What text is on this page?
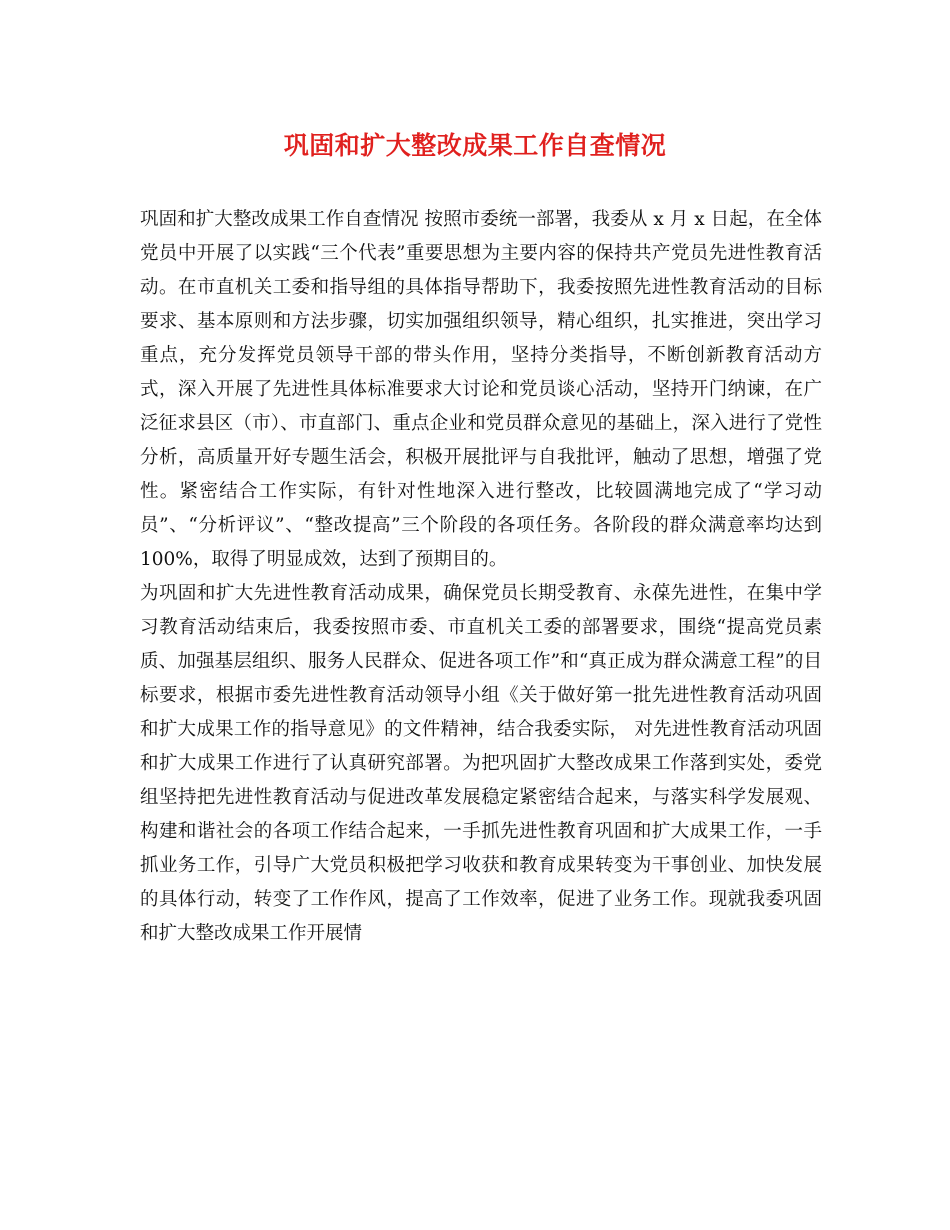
巩固和扩大整改成果工作自查情况

巩固和扩大整改成果工作自查情况 按照市委统一部署，我委从 x 月 x 日起，在全体党员中开展了以实践“三个代表”重要思想为主要内容的保持共产党员先进性教育活动。在市直机关工委和指导组的具体指导帮助下，我委按照先进性教育活动的目标要求、基本原则和方法步骤，切实加强组织领导，精心组织，扎实推进，突出学习重点，充分发挥党员领导干部的带头作用，坚持分类指导，不断创新教育活动方式，深入开展了先进性具体标准要求大讨论和党员谈心活动，坚持开门纳谏，在广泛征求县区（市）、市直部门、重点企业和党员群众意见的基础上，深入进行了党性分析，高质量开好专题生活会，积极开展批评与自我批评，触动了思想，增强了党性。紧密结合工作实际，有针对性地深入进行整改，比较圆满地完成了“学习动员”、“分析评议”、“整改提高”三个阶段的各项任务。各阶段的群众满意率均达到 100%，取得了明显成效，达到了预期目的。

为巩固和扩大先进性教育活动成果，确保党员长期受教育、永葆先进性，在集中学习教育活动结束后，我委按照市委、市直机关工委的部署要求，围绕“提高党员素质、加强基层组织、服务人民群众、促进各项工作”和“真正成为群众满意工程”的目标要求，根据市委先进性教育活动领导小组《关于做好第一批先进性教育活动巩固和扩大成果工作的指导意见》的文件精神，结合我委实际， 对先进性教育活动巩固和扩大成果工作进行了认真研究部署。为把巩固扩大整改成果工作落到实处，委党组坚持把先进性教育活动与促进改革发展稳定紧密结合起来，与落实科学发展观、构建和谐社会的各项工作结合起来，一手抓先进性教育巩固和扩大成果工作，一手抓业务工作，引导广大党员积极把学习收获和教育成果转变为干事创业、加快发展的具体行动，转变了工作作风，提高了工作效率，促进了业务工作。现就我委巩固和扩大整改成果工作开展情
